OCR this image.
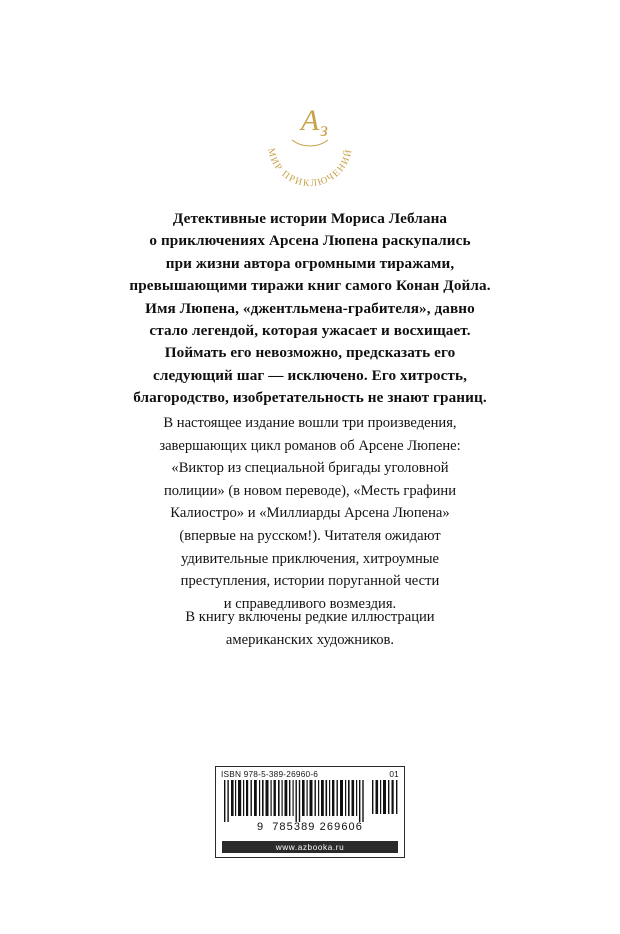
А з
МИР ПРИКЛЮЧЕНИЙ

Детективные истории Мориса Леблана

о приключениях Арсена Люпена раскупались

при жизни автора огромными тиражами,

превышающими тиражи книг самого Конан Дойла.

Имя Люпена, «джентльмена-грабителя», давно

стало легендой, которая ужасает и восхищает.

Поймать его невозможно, предсказать его

следующий шаг — исключено. Его хитрость,

благородство, изобретательность не знают границ.

В настоящее издание вошли три произведения,

завершающих цикл романов об Арсене Люпене:

«Виктор из специальной бригады уголовной

полиции» (в новом переводе), «Месть графини

Калиостро» и «Миллиарды Арсена Люпена»

(впервые на русском!). Читателя ожидают

удивительные приключения, хитроумные

преступления, истории поруганной чести

и справедливого возмездия.

В книгу включены редкие иллюстрации

американских художников.

ISBN 978-5-389-26960-6	01
9 785389 269606
www.azbooka.ru
